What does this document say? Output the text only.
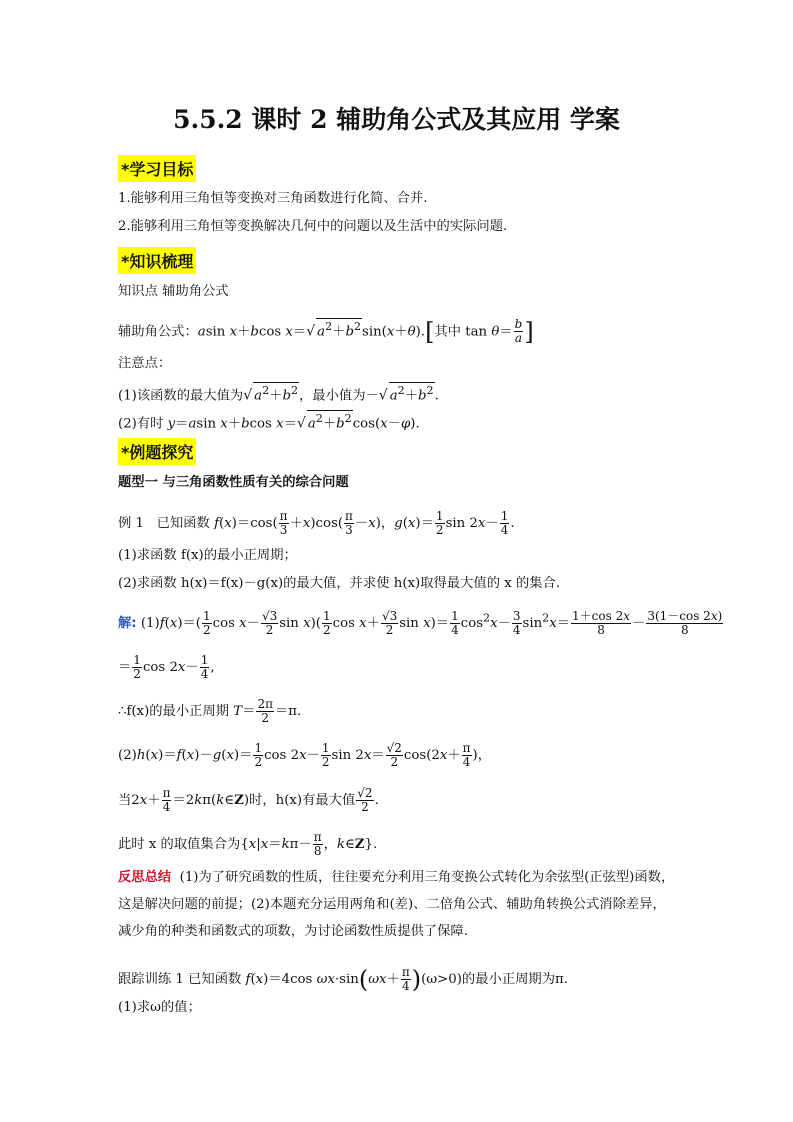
5.5.2 课时 2 辅助角公式及其应用 学案
*学习目标
1.能够利用三角恒等变换对三角函数进行化简、合并.
2.能够利用三角恒等变换解决几何中的问题以及生活中的实际问题.
*知识梳理
知识点 辅助角公式
辅助角公式：asin x＋bcos x＝√ $a^2+b^2\sin(x+\theta)$.[其中 $\tan \theta= \frac{b}{a}$ ]
注意点：
(1)该函数的最大值为√ $a^2+b^2$，最小值为－√ $a^2+b^2$.
(2)有时 y＝asin x＋bcos x＝√ $a^2+b^2\cos(x-\varphi)$.
*例题探究
题型一 与三角函数性质有关的综合问题
例 1 已知函数 $f(x)=\cos( \frac{\pi}{3} +x)\cos( \frac{\pi}{3} -x)$，$g(x)= \frac{1}{2}$ $\sin 2x- \frac{1}{4}$ .
(1)求函数 f(x)的最小正周期；
(2)求函数 h(x)＝f(x)－g(x)的最大值，并求使 h(x)取得最大值的 x 的集合.
解: $(1)f(x)=( \frac{1}{2}$ $\cos x- \frac{√3}{2}$ $\sin x)( \frac{1}{2}$ $\cos x+ \frac{√3}{2}$ $\sin x)= \frac{1}{4} \cos^2x- \frac{3}{4} \sin^2x= \frac{1+\cos 2x}{8} - \frac{3(1-\cos 2x)}{8}$
＝ $\frac{1}{2}$ $\cos 2x- \frac{1}{4}$ ,
∴f(x)的最小正周期 $T= \frac{2\pi}{2} =\pi$.
$(2)h(x)=f(x)-g(x)= \frac{1}{2}$ $\cos 2x- \frac{1}{2}$ $\sin 2x= \frac{√2}{2} \cos(2x+ \frac{\pi}{4}$ )，
当$2x+ \frac{\pi}{4}$ ＝2kπ(k∈Z)时，h(x)有最大值 $\frac{√2}{2}$ .
此时 x 的取值集合为{$x|x=k\pi- \frac{\pi}{8}$ ，k∈Z}.
反思总结 (1)为了研究函数的性质，往往要充分利用三角变换公式转化为余弦型(正弦型)函数，这是解决问题的前提；(2)本题充分运用两角和(差)、二倍角公式、辅助角转换公式消除差异，减少角的种类和函数式的项数，为讨论函数性质提供了保障.
跟踪训练 1 已知函数 f(x)＝4cos $\omega x\cdot\sin(\omega x+ \frac{\pi}{4} )(\omega>0)$的最小正周期为π.
(1)求ω的值；
